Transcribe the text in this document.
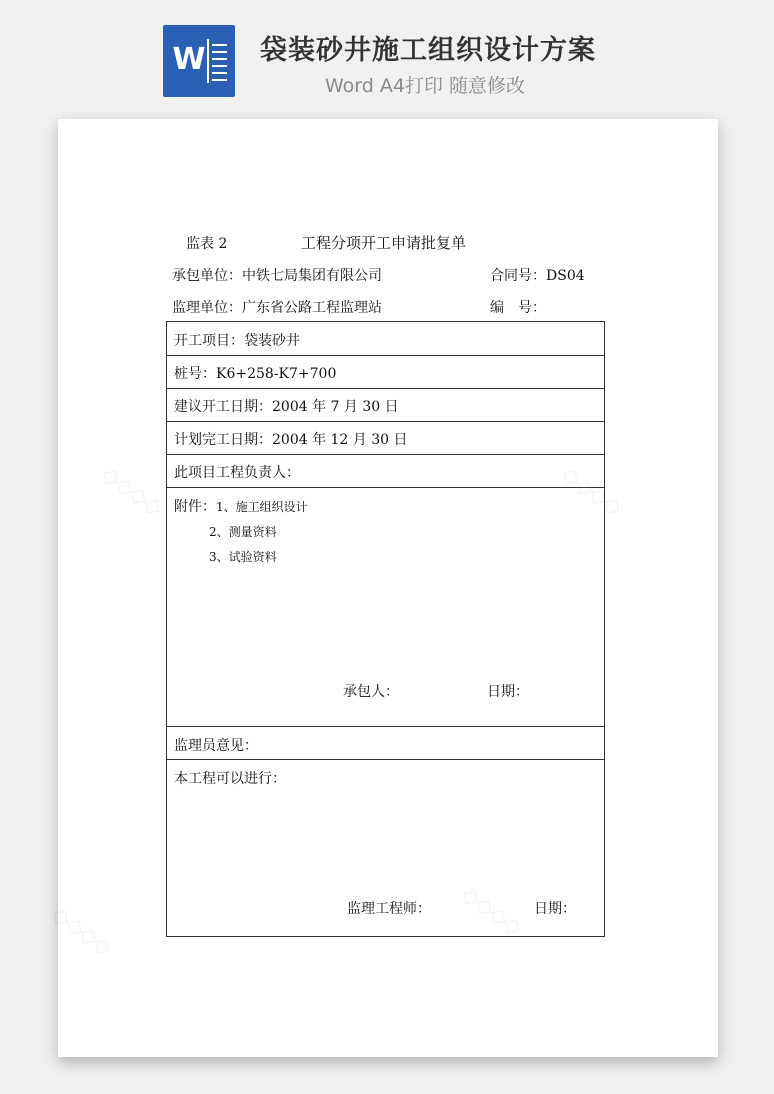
W 袋装砂井施工组织设计方案
Word A4打印 随意修改
◇◇◇◇	◇◇◇◇
◇◇◇◇	◇◇◇◇
监表 2	工程分项开工申请批复单
承包单位：中铁七局集团有限公司	合同号：DS04
监理单位：广东省公路工程监理站	编　号：
开工项目：袋装砂井
桩号：K6+258-K7+700
建议开工日期：2004 年 7 月 30 日
计划完工日期：2004 年 12 月 30 日
此项目工程负责人：
附件： 1、施工组织设计
2、测量资料
3、试验资料
承包人：	日期：
监理员意见：
本工程可以进行：
监理工程师：	日期：
